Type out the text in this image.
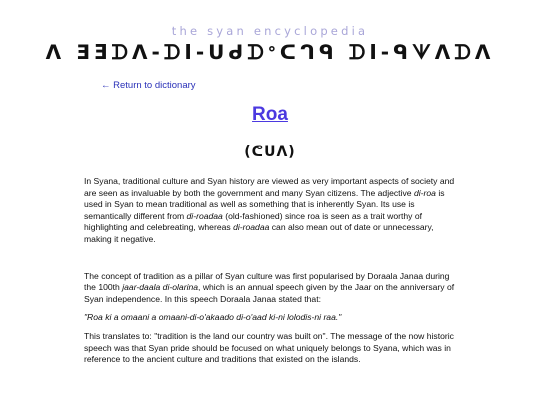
the syan encyclopedia
ᐱ ⴺƎᗪᐱ-ᗪI-ᑌᑯᗪᐤᑕᒉᑫ ᗪI-ᑫᗐᐱᗪᐱ
← Return to dictionary
Roa
(ᕦᑌᐱ)

In Syana, traditional culture and Syan history are viewed as very important aspects of society and are seen as invaluable by both the government and many Syan citizens. The adjective di-roa is used in Syan to mean traditional as well as something that is inherently Syan. Its use is semantically different from di-roadaa (old-fashioned) since roa is seen as a trait worthy of highlighting and celebreating, whereas di-roadaa can also mean out of date or unnecessary, making it negative.

The concept of tradition as a pillar of Syan culture was first popularised by Doraala Janaa during the 100th jaar-daala di-olarina, which is an annual speech given by the Jaar on the anniversary of Syan independence. In this speech Doraala Janaa stated that:

"Roa ki a omaani a omaani-di-o'akaado di-o'aad ki-ni lolodis-ni raa."

This translates to: "tradition is the land our country was built on". The message of the now historic speech was that Syan pride should be focused on what uniquely belongs to Syana, which was in reference to the ancient culture and traditions that existed on the islands.
